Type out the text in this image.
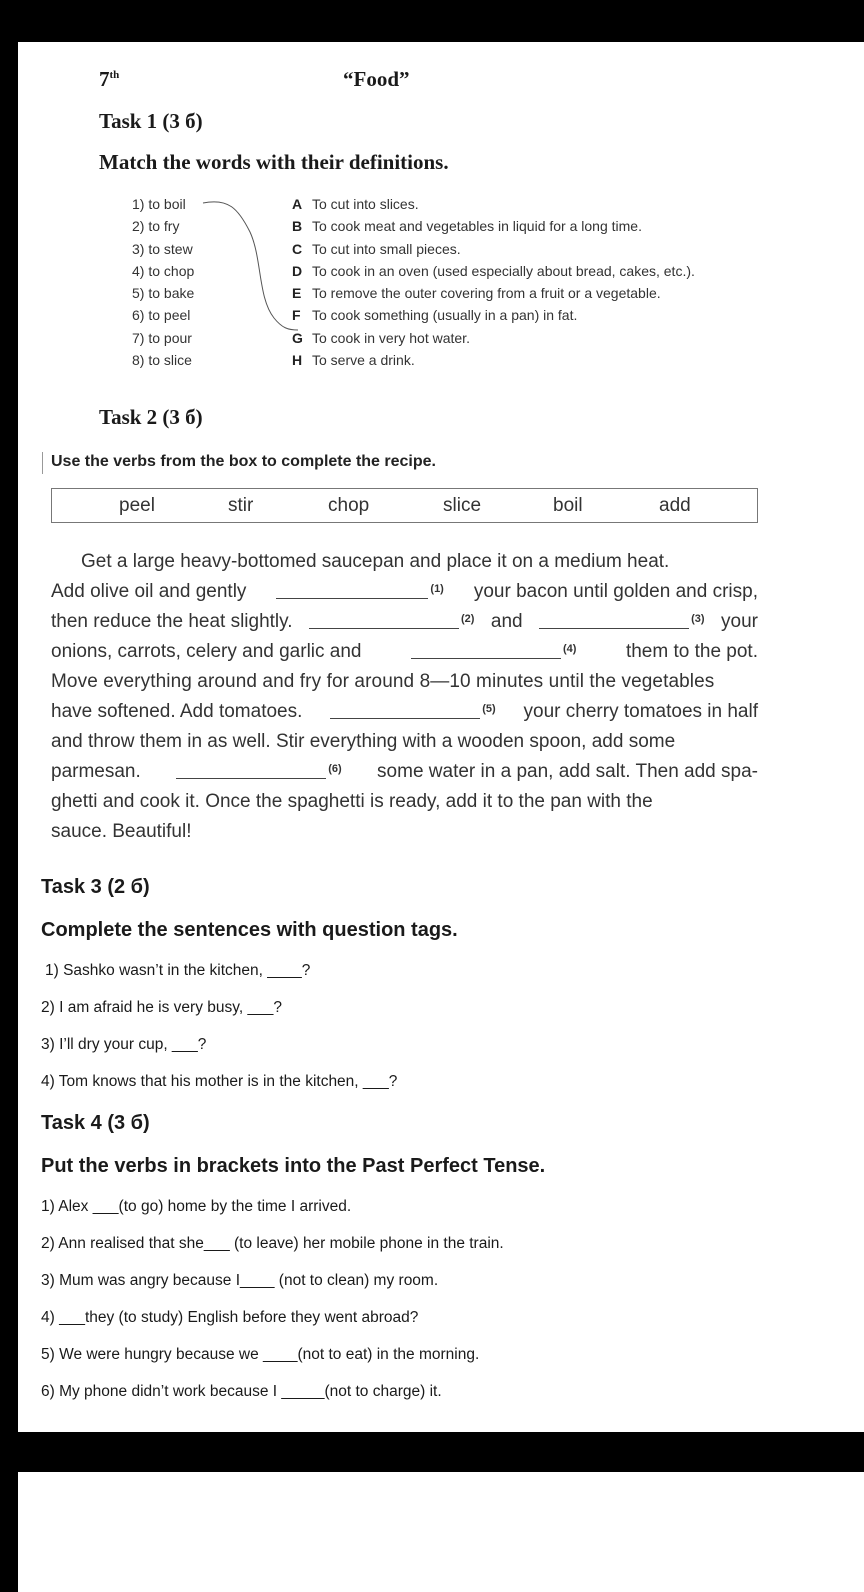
7th	“Food”
Task 1 (3 б)
Match the words with their definitions.
1) to boil
2) to fry
3) to stew
4) to chop
5) to bake
6) to peel
7) to pour
8) to slice
A To cut into slices.
B To cook meat and vegetables in liquid for a long time.
C To cut into small pieces.
D To cook in an oven (used especially about bread, cakes, etc.).
E To remove the outer covering from a fruit or a vegetable.
F To cook something (usually in a pan) in fat.
G To cook in very hot water.
H To serve a drink.
Task 2 (3 б)
Use the verbs from the box to complete the recipe.
peel	stir	chop	slice	boil	add
Get a large heavy-bottomed saucepan and place it on a medium heat.
Add olive oil and gently	$^{(1)}$ your bacon until golden and crisp,
then reduce the heat slightly.	$^{(2)}$ and	$^{(3)}$ your
onions, carrots, celery and garlic and	$^{(4)}$	them to the pot.
Move everything around and fry for around 8—10 minutes until the vegetables
have softened. Add tomatoes.	$^{(5)}$ your cherry tomatoes in half
and throw them in as well. Stir everything with a wooden spoon, add some
parmesan.	$^{(6)}$ some water in a pan, add salt. Then add spa-
ghetti and cook it. Once the spaghetti is ready, add it to the pan with the
sauce. Beautiful!
Task 3 (2 б)
Complete the sentences with question tags.
1) Sashko wasn’t in the kitchen, ____?
2) I am afraid he is very busy, ___?
3) I’ll dry your cup, ___?
4) Tom knows that his mother is in the kitchen, ___?
Task 4 (3 б)
Put the verbs in brackets into the Past Perfect Tense.
1) Alex ___(to go) home by the time I arrived.
2) Ann realised that she___ (to leave) her mobile phone in the train.
3) Mum was angry because I____ (not to clean) my room.
4) ___they (to study) English before they went abroad?
5) We were hungry because we ____(not to eat) in the morning.
6) My phone didn’t work because I _____(not to charge) it.
